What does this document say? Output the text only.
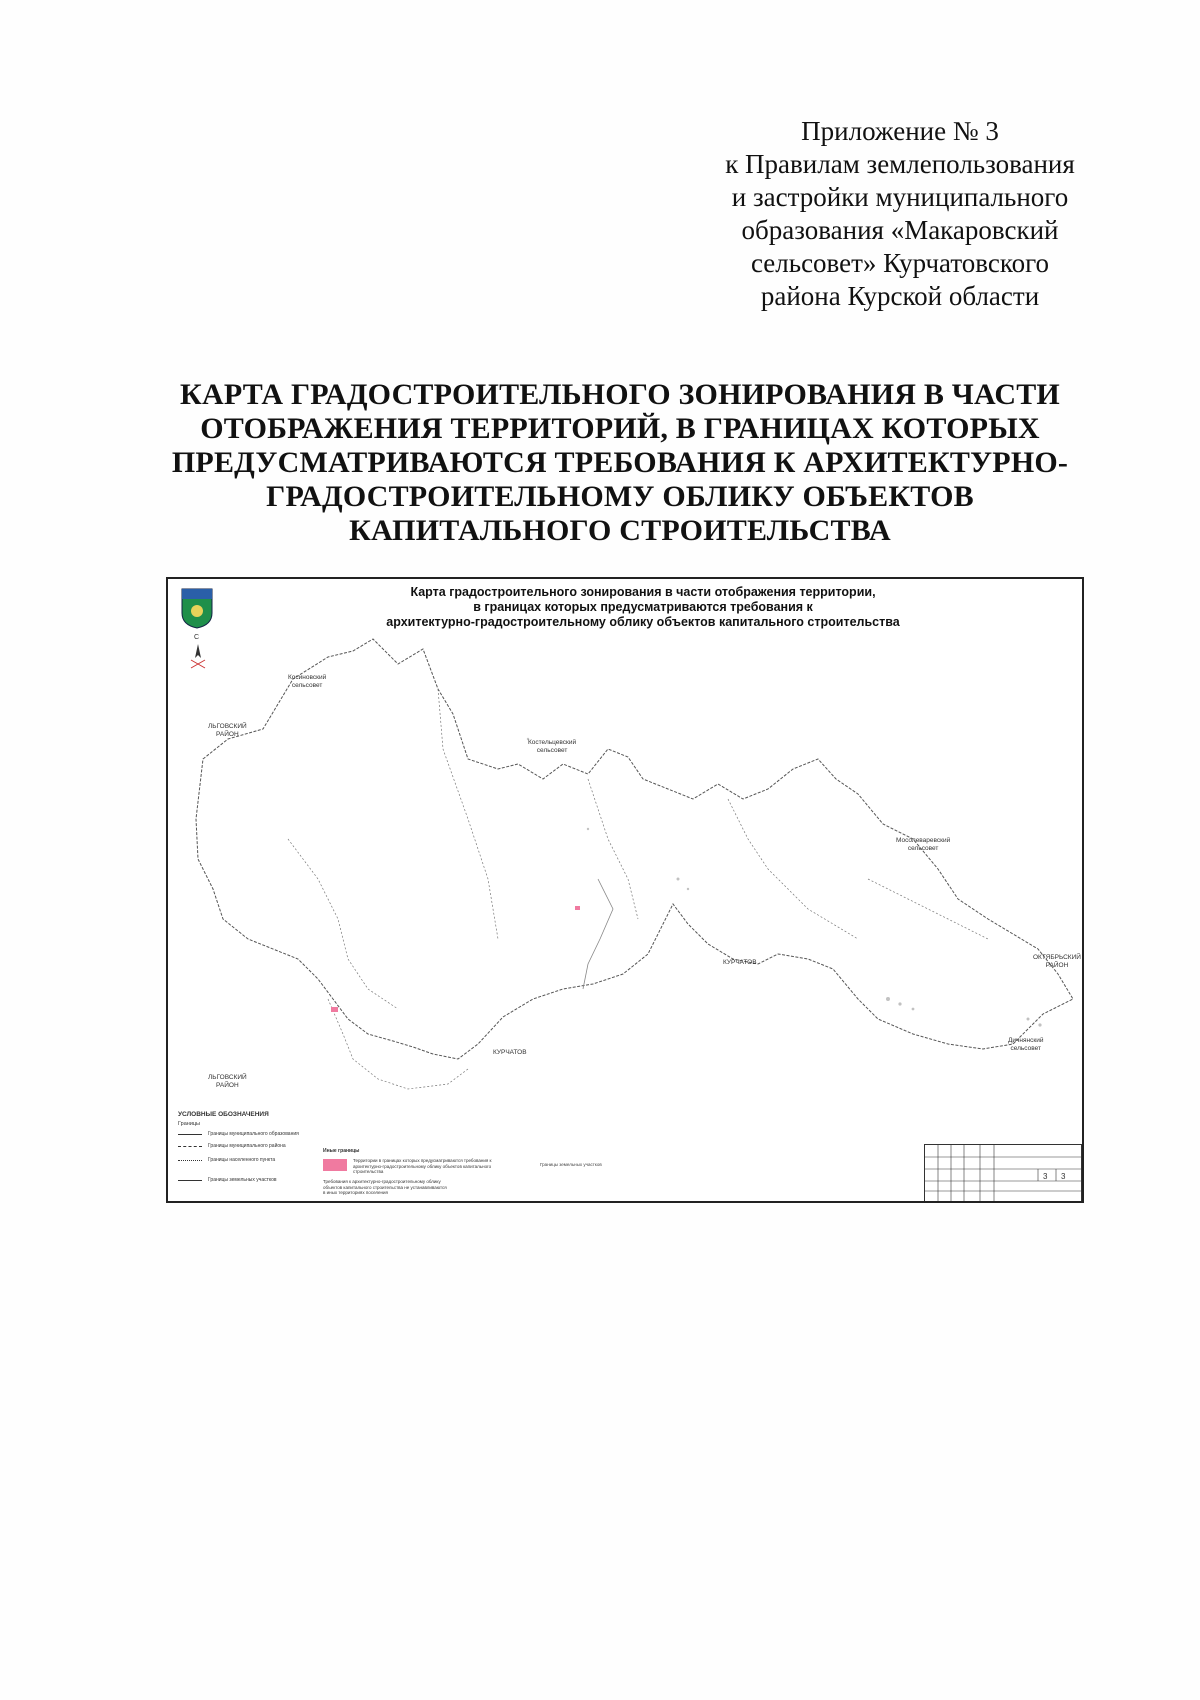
Приложение № 3
к Правилам землепользования
и застройки муниципального
образования «Макаровский
сельсовет» Курчатовского
района Курской области
КАРТА ГРАДОСТРОИТЕЛЬНОГО ЗОНИРОВАНИЯ В ЧАСТИ
ОТОБРАЖЕНИЯ ТЕРРИТОРИЙ, В ГРАНИЦАХ КОТОРЫХ
ПРЕДУСМАТРИВАЮТСЯ ТРЕБОВАНИЯ К АРХИТЕКТУРНО-
ГРАДОСТРОИТЕЛЬНОМУ ОБЛИКУ ОБЪЕКТОВ
КАПИТАЛЬНОГО СТРОИТЕЛЬСТВА
Карта градостроительного зонирования в части отображения территории,
в границах которых предусматриваются требования к
архитектурно-градостроительному облику объектов капитального строительства
С
Косиновский
сельсовет
ЛЬГОВСКИЙ
РАЙОН
Костельцевский
сельсовет
Мосолеваревский
сельсовет
ОКТЯБРЬСКИЙ
РАЙОН
КУРЧАТОВ
КУРЧАТОВ
ЛЬГОВСКИЙ
РАЙОН
Дичнянский
сельсовет
УСЛОВНЫЕ ОБОЗНАЧЕНИЯ
Границы
Границы муниципального образования
Границы муниципального района
Границы населенного пункта
Границы земельных участков
Иные границы
Территории в границах которых предусматриваются требования к архитектурно-градостроительному облику объектов капитального строительства
Требования к архитектурно-градостроительному облику
объектов капитального строительства не устанавливаются
в иных территориях поселения
Границы земельных участков
3 3
